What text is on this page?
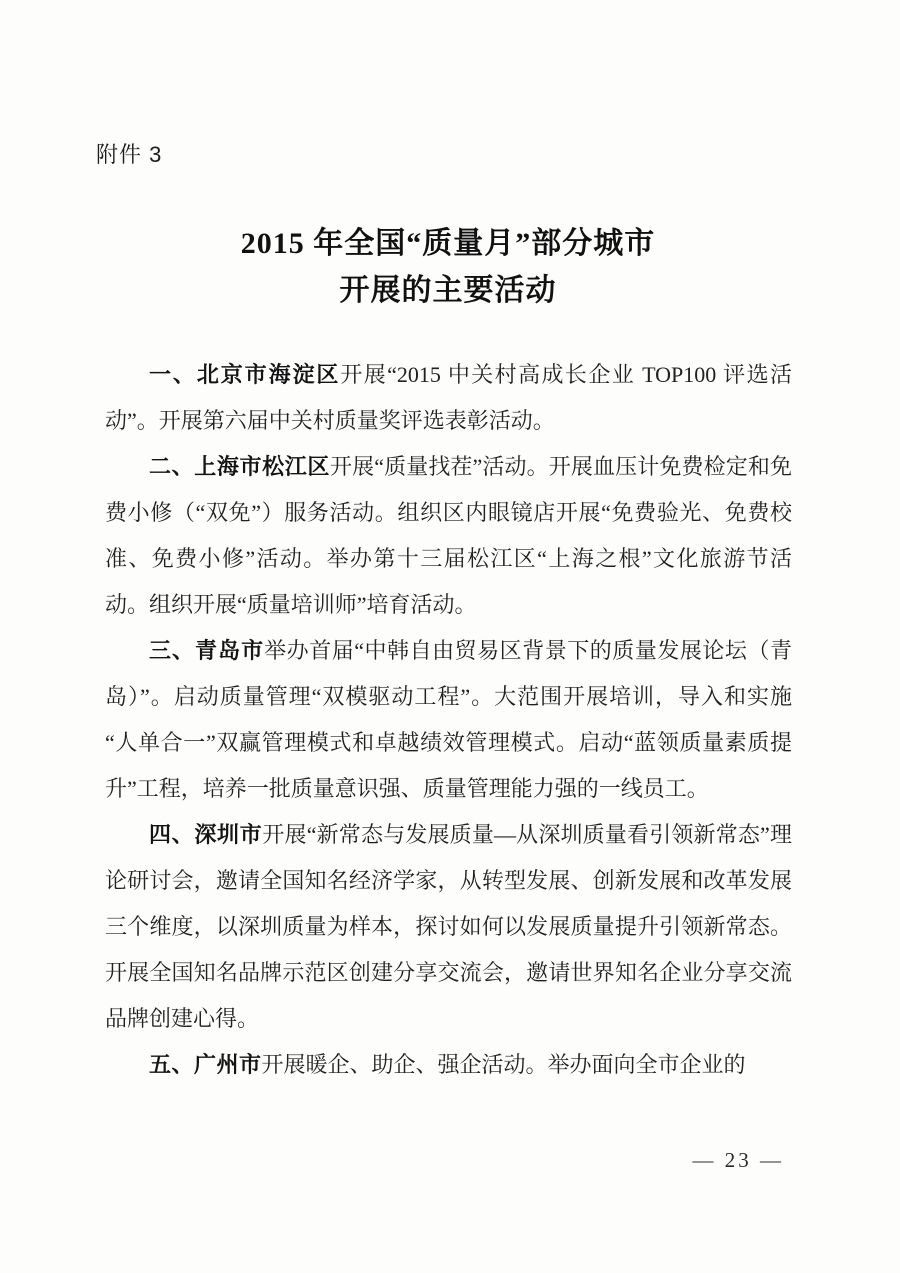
附件 3
2015 年全国“质量月”部分城市
开展的主要活动

一、北京市海淀区开展“2015 中关村高成长企业 TOP100 评选活动”。开展第六届中关村质量奖评选表彰活动。

二、上海市松江区开展“质量找茬”活动。开展血压计免费检定和免费小修（“双免”）服务活动。组织区内眼镜店开展“免费验光、免费校准、免费小修”活动。举办第十三届松江区“上海之根”文化旅游节活动。组织开展“质量培训师”培育活动。

三、青岛市举办首届“中韩自由贸易区背景下的质量发展论坛（青岛）”。启动质量管理“双模驱动工程”。大范围开展培训，导入和实施“人单合一”双赢管理模式和卓越绩效管理模式。启动“蓝领质量素质提升”工程，培养一批质量意识强、质量管理能力强的一线员工。

四、深圳市开展“新常态与发展质量—从深圳质量看引领新常态”理论研讨会，邀请全国知名经济学家，从转型发展、创新发展和改革发展三个维度，以深圳质量为样本，探讨如何以发展质量提升引领新常态。开展全国知名品牌示范区创建分享交流会，邀请世界知名企业分享交流品牌创建心得。

五、广州市开展暖企、助企、强企活动。举办面向全市企业的

— 23 —
